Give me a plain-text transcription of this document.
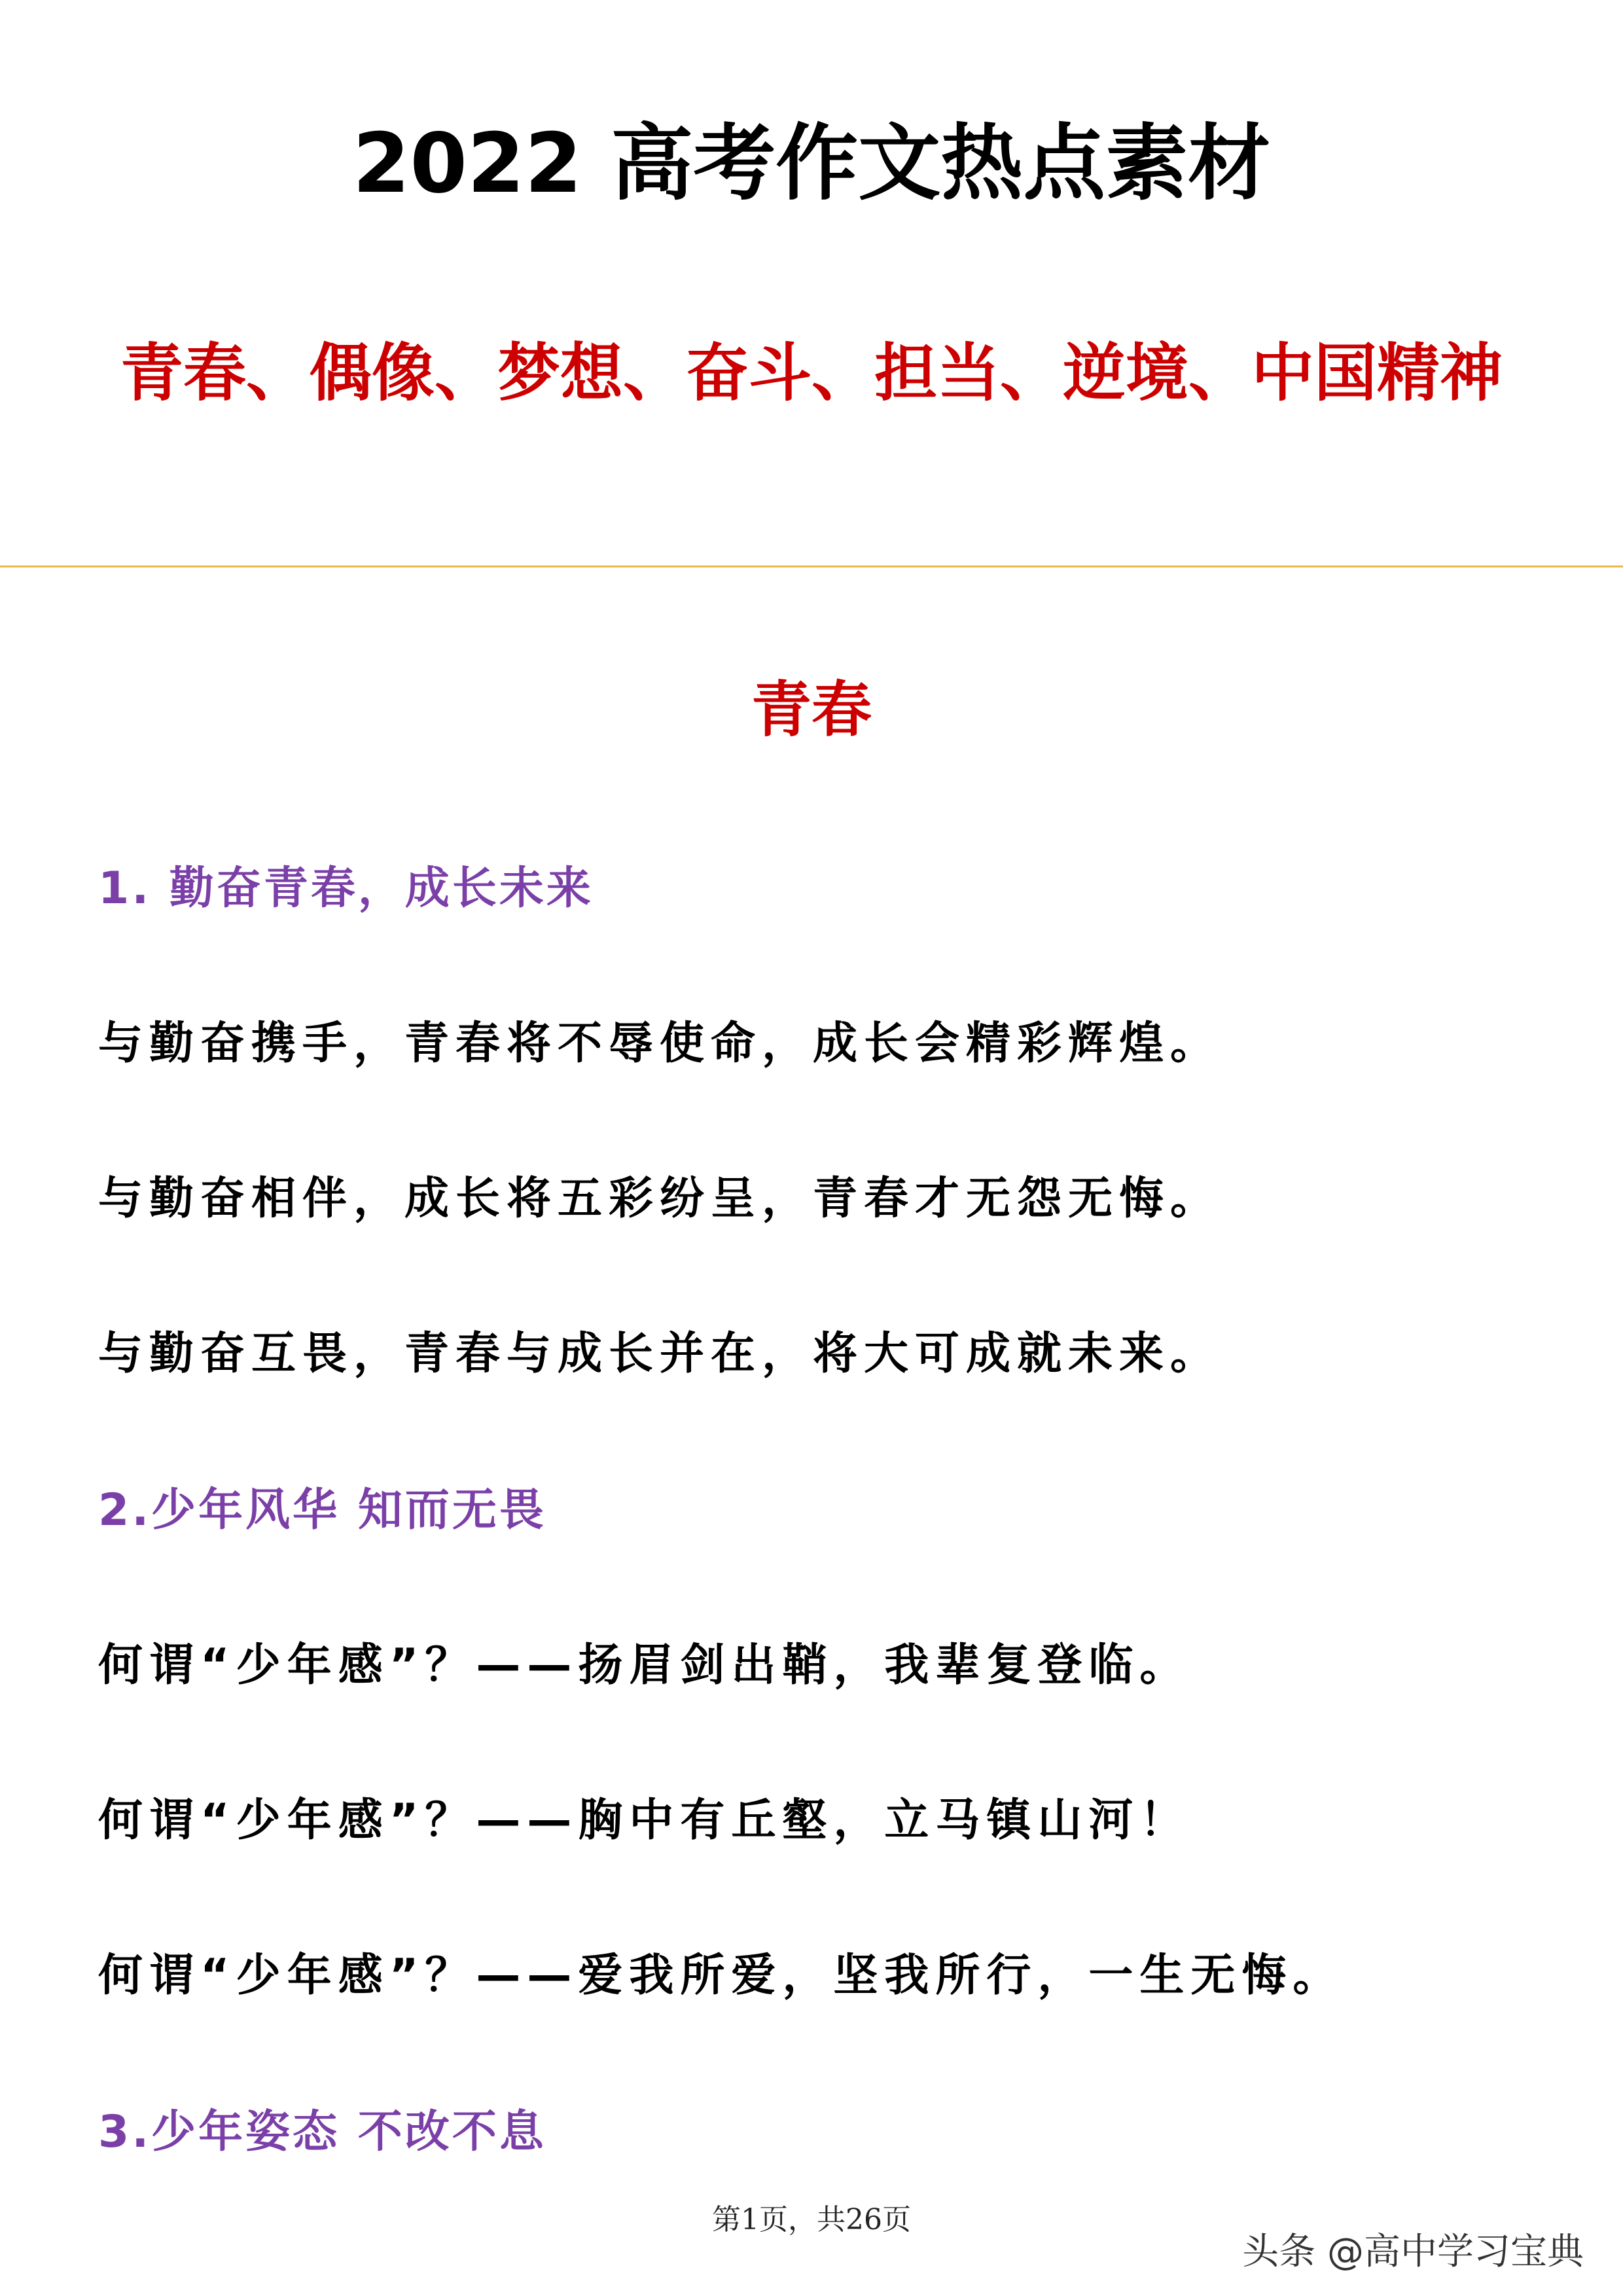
2022 高考作文热点素材
青春、偶像、梦想、奋斗、担当、逆境、中国精神
青春
1. 勤奋青春，成长未来
与勤奋携手，青春将不辱使命，成长会精彩辉煌。
与勤奋相伴，成长将五彩纷呈，青春才无怨无悔。
与勤奋互畏，青春与成长并在，将大可成就未来。
2.少年风华 知而无畏
何谓“少年感”？——扬眉剑出鞘，我辈复登临。
何谓“少年感”？——胸中有丘壑，立马镇山河！
何谓“少年感”？——爱我所爱，坚我所行，一生无悔。
3.少年姿态 不改不息
第1页，共26页
头条 @高中学习宝典
